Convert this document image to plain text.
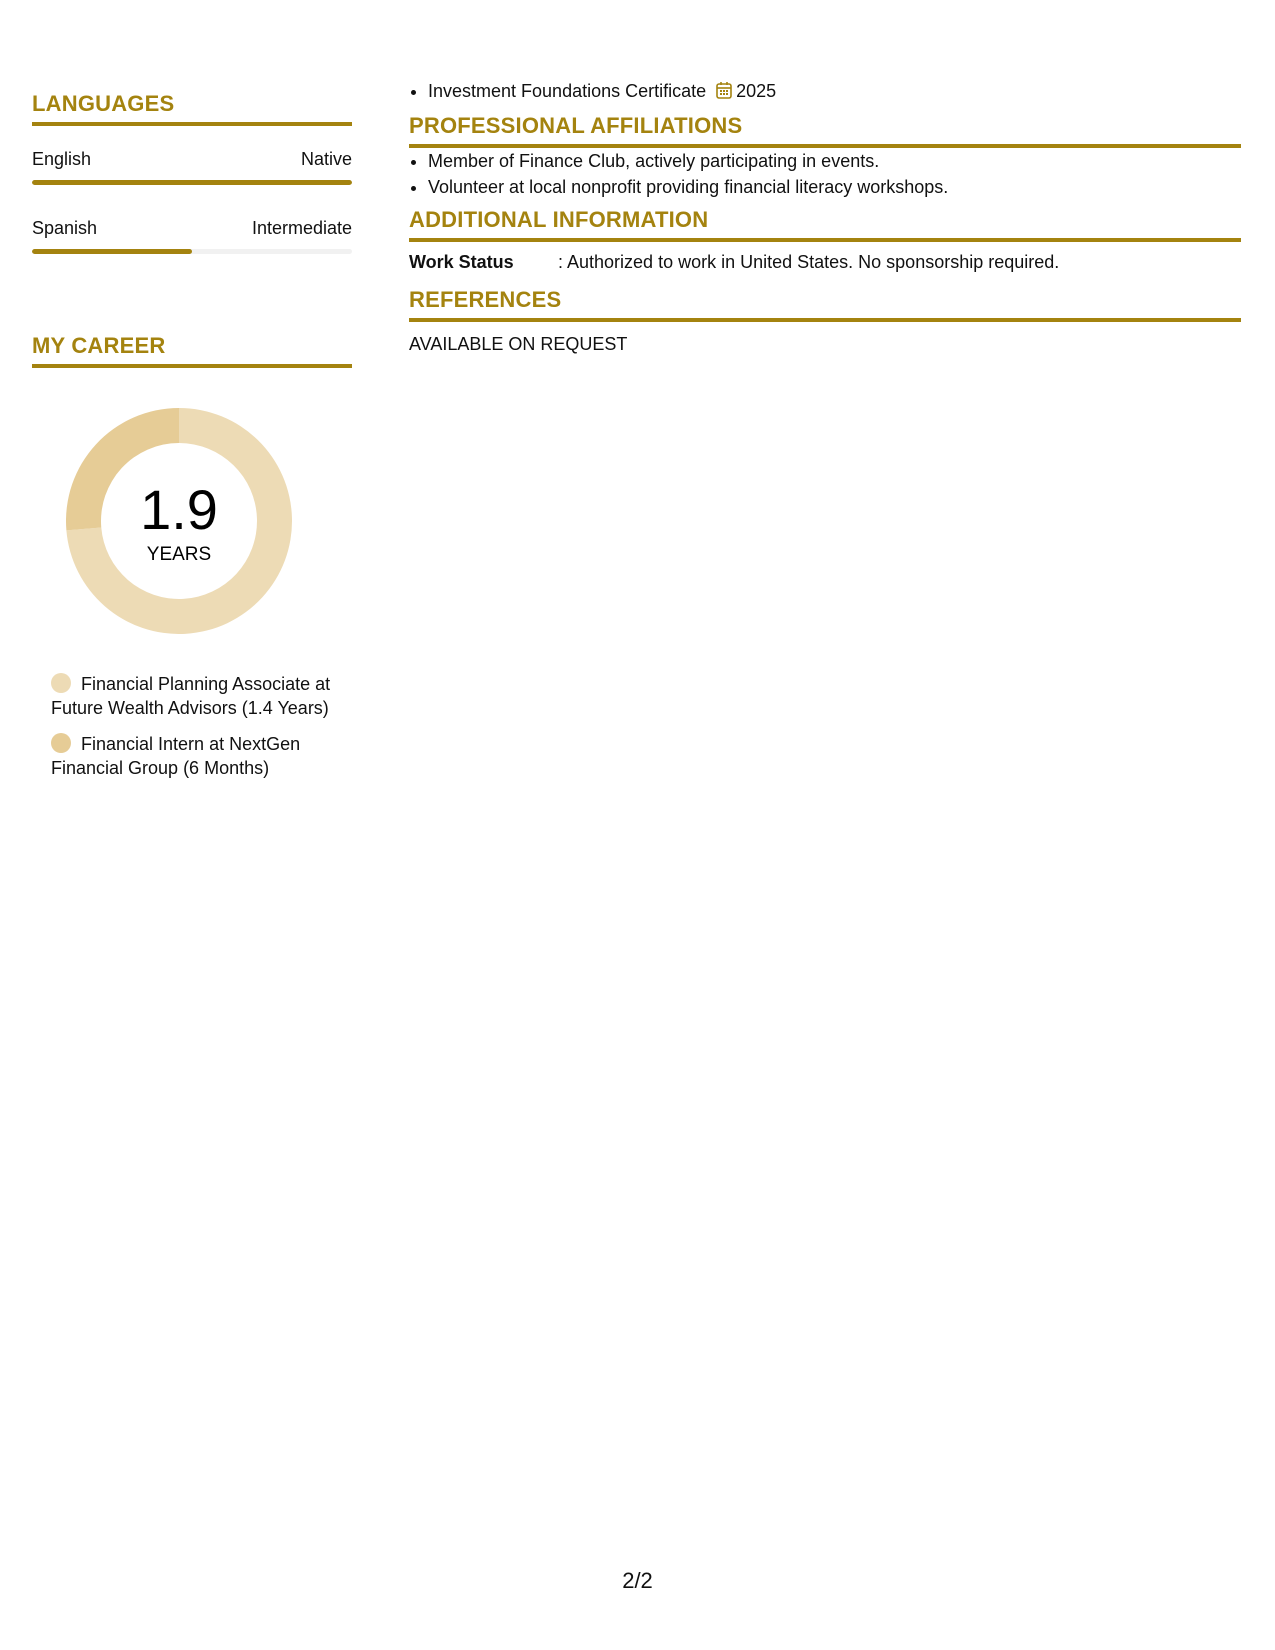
LANGUAGES
English	Native
Spanish	Intermediate
MY CAREER
1.9
YEARS
Financial Planning Associate at Future Wealth Advisors (1.4 Years)
Financial Intern at NextGen Financial Group (6 Months)
• Investment Foundations Certificate 2025
PROFESSIONAL AFFILIATIONS
• Member of Finance Club, actively participating in events.
• Volunteer at local nonprofit providing financial literacy workshops.
ADDITIONAL INFORMATION
Work Status	: Authorized to work in United States. No sponsorship required.
REFERENCES
AVAILABLE ON REQUEST
2/2
